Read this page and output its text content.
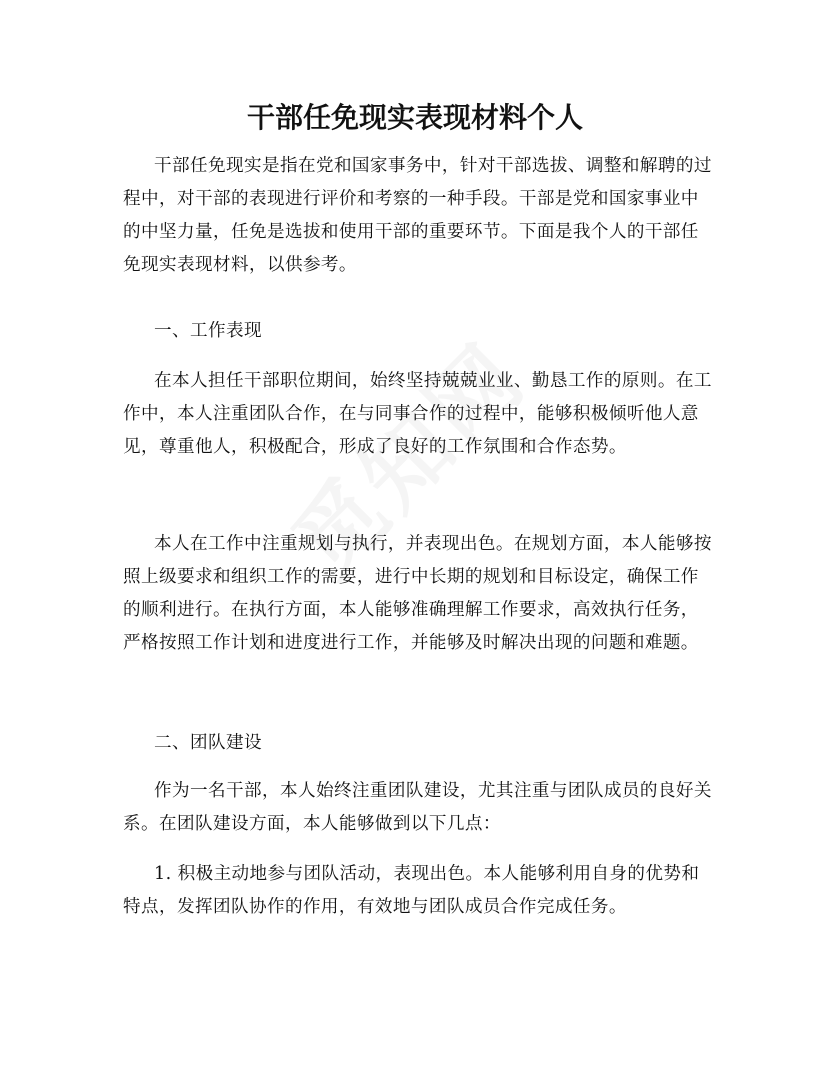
干部任免现实表现材料个人

干部任免现实是指在党和国家事务中，针对干部选拔、调整和解聘的过程中，对干部的表现进行评价和考察的一种手段。干部是党和国家事业中的中坚力量，任免是选拔和使用干部的重要环节。下面是我个人的干部任免现实表现材料，以供参考。

一、工作表现

在本人担任干部职位期间，始终坚持兢兢业业、勤恳工作的原则。在工作中，本人注重团队合作，在与同事合作的过程中，能够积极倾听他人意见，尊重他人，积极配合，形成了良好的工作氛围和合作态势。

本人在工作中注重规划与执行，并表现出色。在规划方面，本人能够按照上级要求和组织工作的需要，进行中长期的规划和目标设定，确保工作的顺利进行。在执行方面，本人能够准确理解工作要求，高效执行任务，严格按照工作计划和进度进行工作，并能够及时解决出现的问题和难题。

二、团队建设

作为一名干部，本人始终注重团队建设，尤其注重与团队成员的良好关系。在团队建设方面，本人能够做到以下几点：

1. 积极主动地参与团队活动，表现出色。本人能够利用自身的优势和特点，发挥团队协作的作用，有效地与团队成员合作完成任务。
